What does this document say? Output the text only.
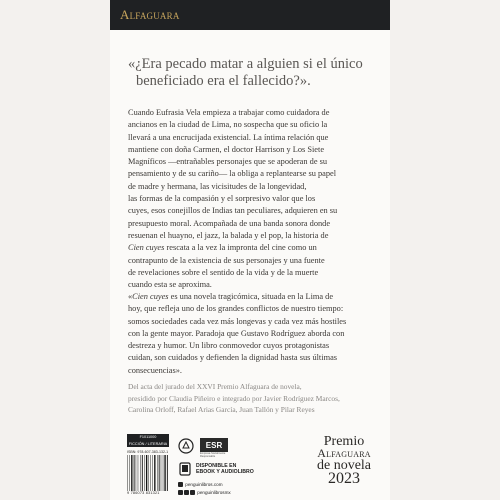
Alfaguara
«¿Era pecado matar a alguien si el único
beneficiado era el fallecido?».
Cuando Eufrasia Vela empieza a trabajar como cuidadora de
ancianos en la ciudad de Lima, no sospecha que su oficio la
llevará a una encrucijada existencial. La íntima relación que
mantiene con doña Carmen, el doctor Harrison y Los Siete
Magníficos —entrañables personajes que se apoderan de su
pensamiento y de su cariño— la obliga a replantearse su papel
de madre y hermana, las vicisitudes de la longevidad,
las formas de la compasión y el sorpresivo valor que los
cuyes, esos conejillos de Indias tan peculiares, adquieren en su
presupuesto moral. Acompañada de una banda sonora donde
resuenan el huayno, el jazz, la balada y el pop, la historia de
Cien cuyes rescata a la vez la impronta del cine como un
contrapunto de la existencia de sus personajes y una fuente
de revelaciones sobre el sentido de la vida y de la muerte
cuando esta se aproxima.
«Cien cuyes es una novela tragicómica, situada en la Lima de
hoy, que refleja uno de los grandes conflictos de nuestro tiempo:
somos sociedades cada vez más longevas y cada vez más hostiles
con la gente mayor. Paradoja que Gustavo Rodríguez aborda con
destreza y humor. Un libro conmovedor cuyos protagonistas
cuidan, son cuidados y defienden la dignidad hasta sus últimas
consecuencias».
Del acta del jurado del XXVI Premio Alfaguara de novela,
presidido por Claudia Piñeiro e integrado por Javier Rodríguez Marcos,
Carolina Orloff, Rafael Arias García, Juan Tallón y Pilar Reyes
F1011000
FICCIÓN / LITERARIA
ISBN: 978-607-383-132-1
9 786073 831321
ESR
Empresa Socialmente Responsable
DISPONIBLE EN
EBOOK Y AUDIOLIBRO
penguinlibros.com
penguinlibrosmx
Premio
Alfaguara
de novela
2023
